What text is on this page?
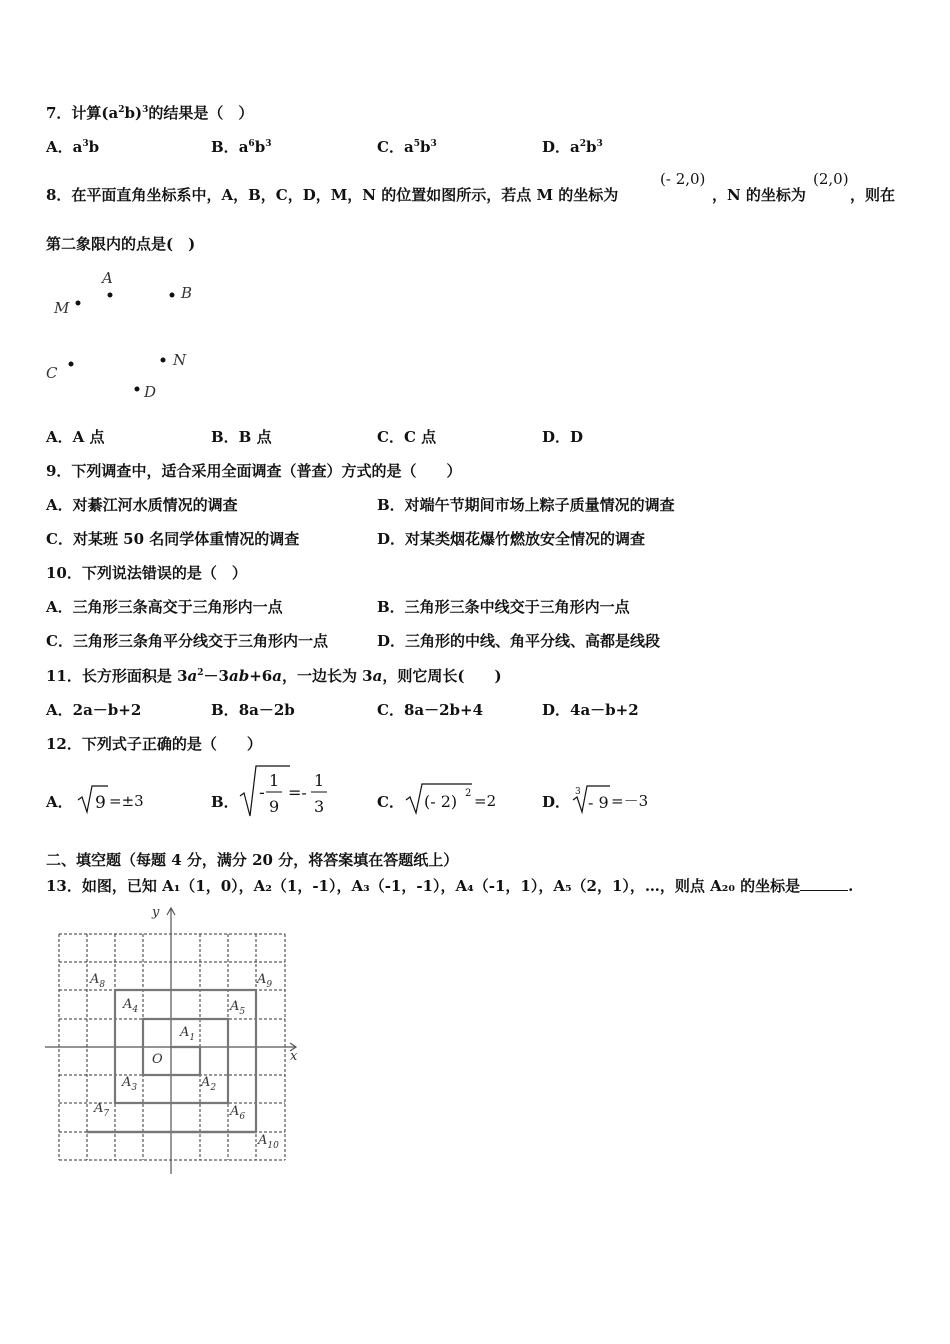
7．计算$(a^2b)^3$的结果是（　）
A．$a^3b$	B．$a^6b^3$	C．$a^5b^3$	D．$a^2b^3$
8．在平面直角坐标系中，A，B，C，D，M，N 的位置如图所示，若点 M 的坐标为
(- 2,0)
，N 的坐标为
(2,0)
，则在
第二象限内的点是(　)
A
B
M
C
N
D
A．A 点	B．B 点	C．C 点	D．D
9．下列调查中，适合采用全面调查（普查）方式的是（　　）
A．对綦江河水质情况的调查	B．对端午节期间市场上粽子质量情况的调查
C．对某班 50 名同学体重情况的调查	D．对某类烟花爆竹燃放安全情况的调查
10．下列说法错误的是（　）
A．三角形三条高交于三角形内一点	B．三角形三条中线交于三角形内一点
C．三角形三条角平分线交于三角形内一点	D．三角形的中线、角平分线、高都是线段
11．长方形面积是 $3a^2-3ab+6a$，一边长为 3a，则它周长(　　)
A．2a－b+2	B．8a－2b	C．8a－2b+4	D．4a－b+2
12．下列式子正确的是（　　）
A． 9 =±3	B． -
1
9
=-
1
3	C． (- 2) 2 =2	D．
3
- 9 =－3
二、填空题（每题 4 分，满分 20 分，将答案填在答题纸上）
13．如图，已知 A₁（1，0），A₂（1，-1），A₃（-1，-1），A₄（-1，1），A₅（2，1），…，则点 A₂₀ 的坐标是	.
y
x
O
$A_1$
$A_2$
$A_3$
$A_4$	$A_5$
$A_6$
$A_7$
$A_8$	$A_9$
$A_{10}$
